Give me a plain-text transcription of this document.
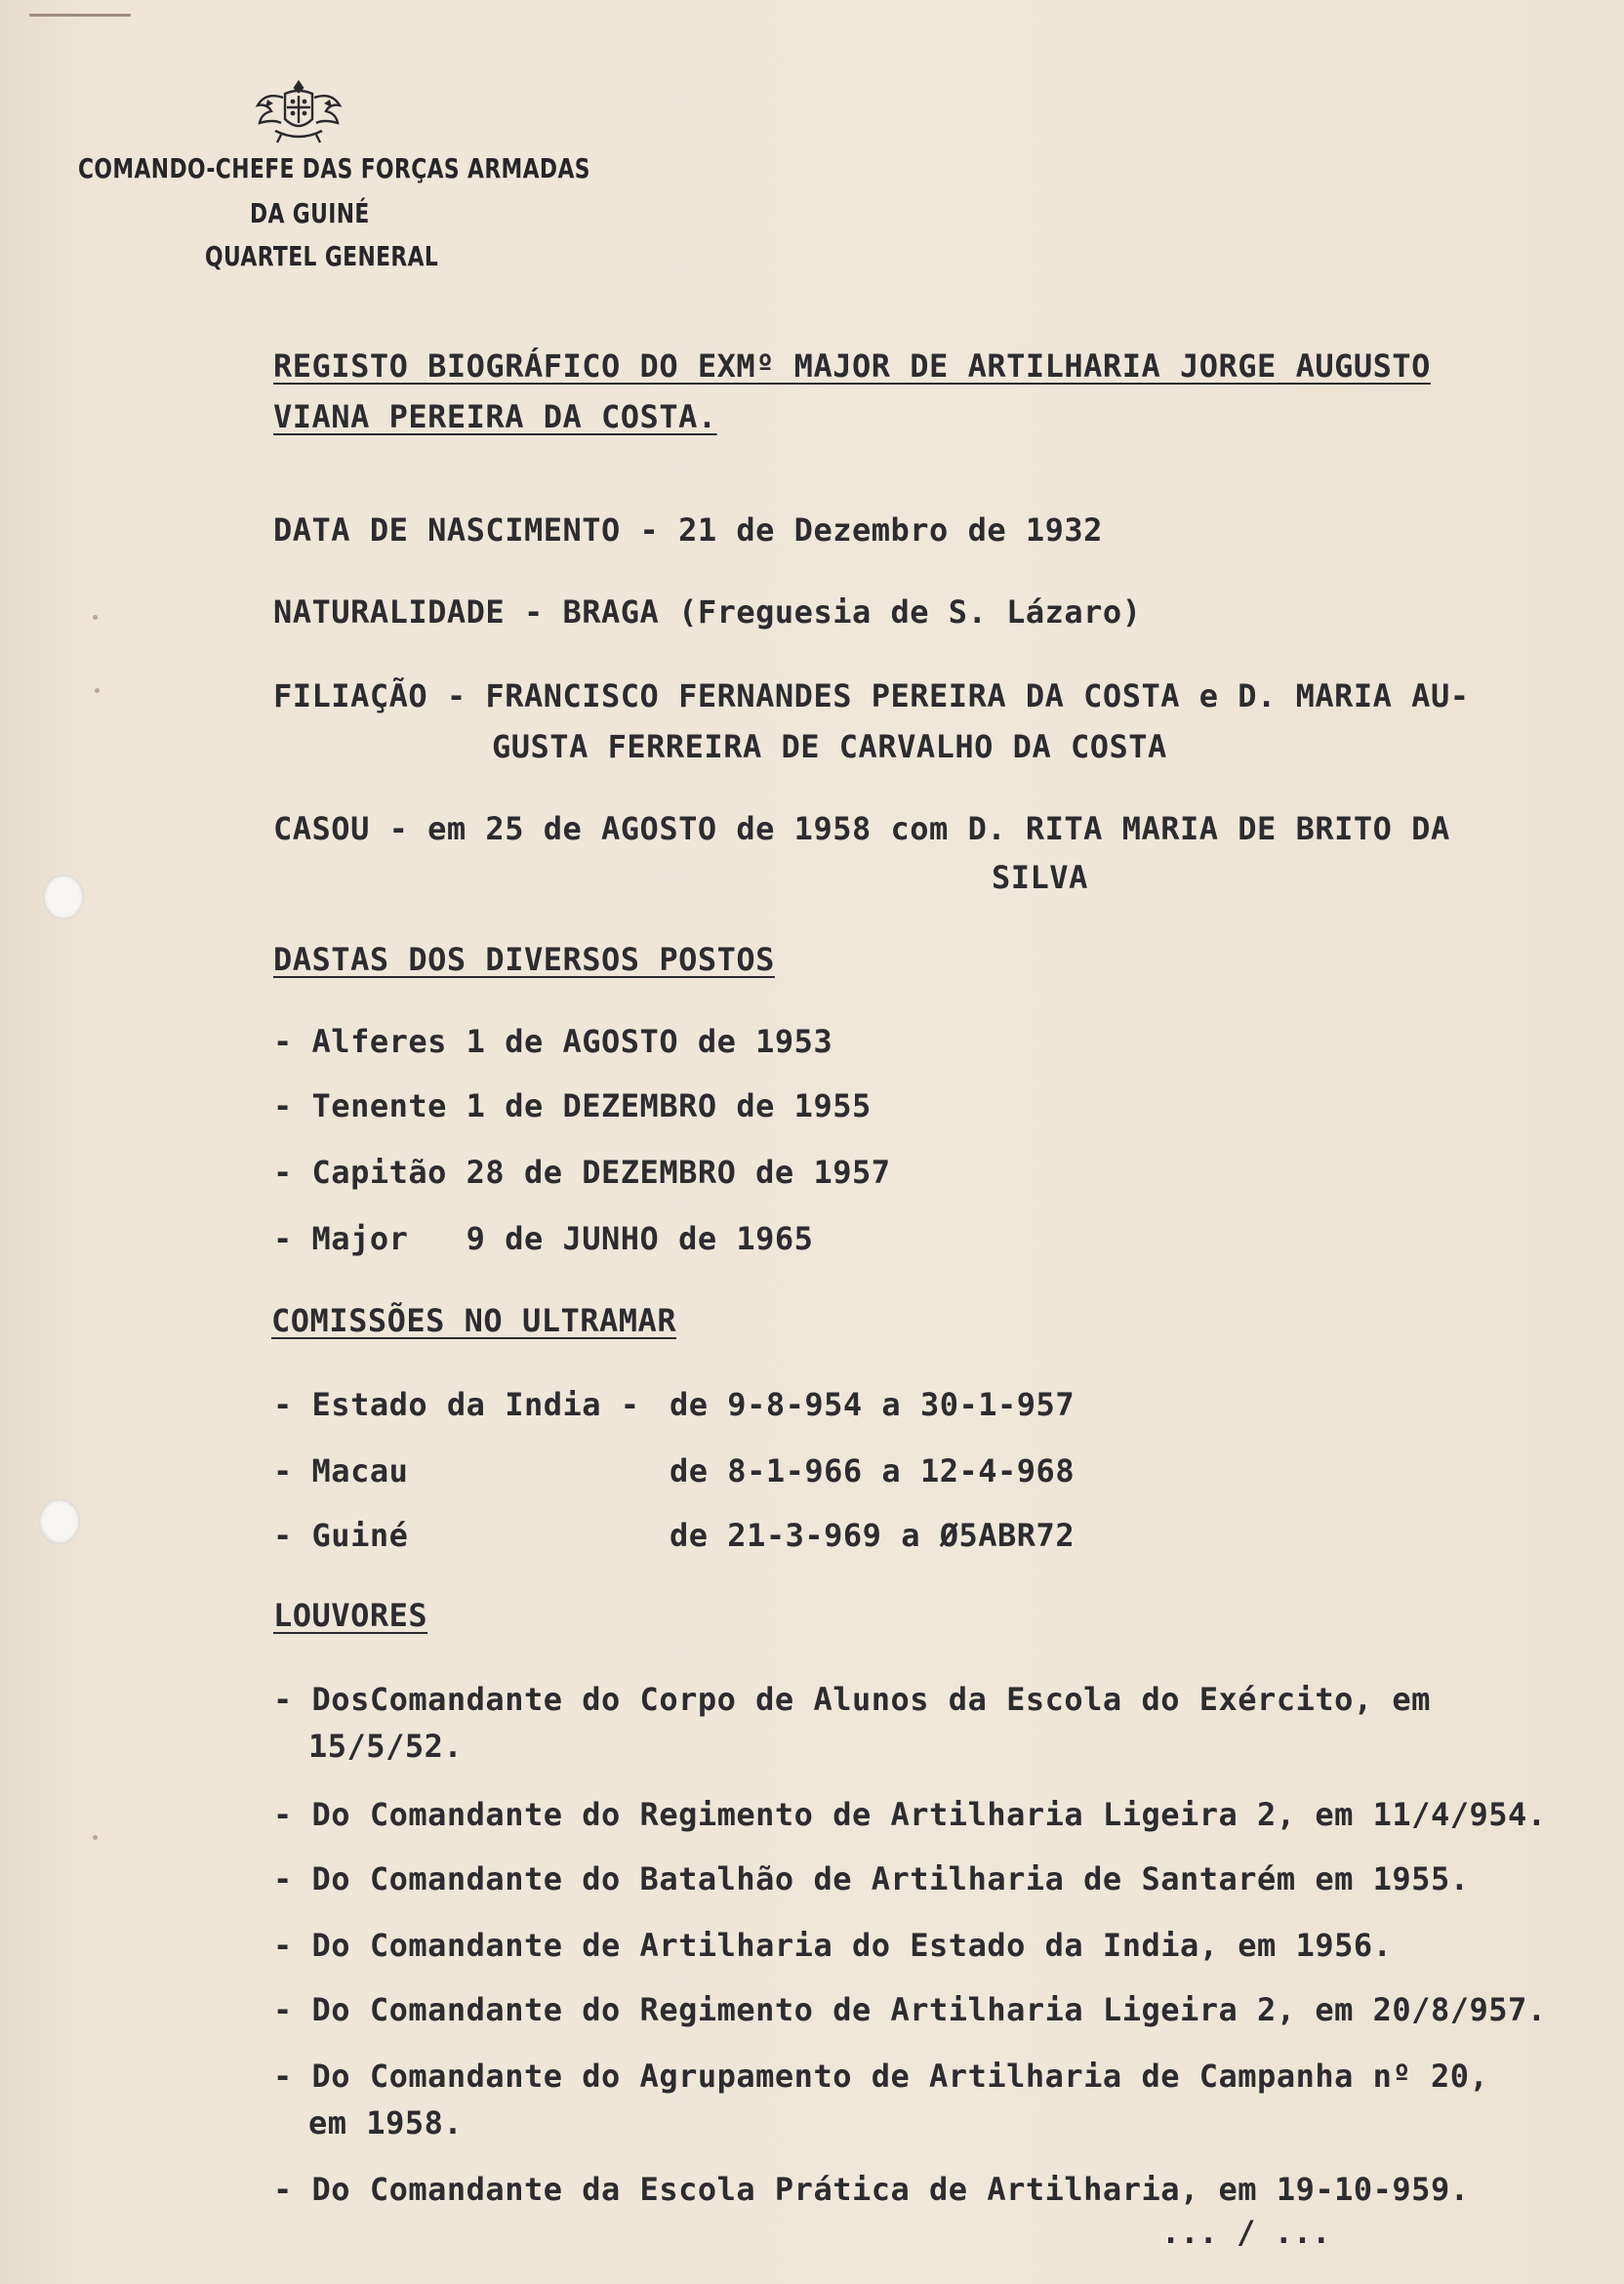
COMANDO-CHEFE DAS FORÇAS ARMADAS
DA GUINÉ
QUARTEL GENERAL
REGISTO BIOGRÁFICO DO EXMº MAJOR DE ARTILHARIA JORGE AUGUSTO
VIANA PEREIRA DA COSTA.
DATA DE NASCIMENTO - 21 de Dezembro de 1932
NATURALIDADE - BRAGA (Freguesia de S. Lázaro)
FILIAÇÃO - FRANCISCO FERNANDES PEREIRA DA COSTA e D. MARIA AU-
GUSTA FERREIRA DE CARVALHO DA COSTA
CASOU - em 25 de AGOSTO de 1958 com D. RITA MARIA DE BRITO DA
SILVA
DASTAS DOS DIVERSOS POSTOS
- Alferes 1 de AGOSTO de 1953
- Tenente 1 de DEZEMBRO de 1955
- Capitão 28 de DEZEMBRO de 1957
- Major   9 de JUNHO de 1965
COMISSÕES NO ULTRAMAR
- Estado da India - de 9-8-954 a 30-1-957
- Macau	de 8-1-966 a 12-4-968
- Guiné	de 21-3-969 a Ø5ABR72
LOUVORES
- DosComandante do Corpo de Alunos da Escola do Exército, em
15/5/52.
- Do Comandante do Regimento de Artilharia Ligeira 2, em 11/4/954.
- Do Comandante do Batalhão de Artilharia de Santarém em 1955.
- Do Comandante de Artilharia do Estado da India, em 1956.
- Do Comandante do Regimento de Artilharia Ligeira 2, em 20/8/957.
- Do Comandante do Agrupamento de Artilharia de Campanha nº 20,
em 1958.
- Do Comandante da Escola Prática de Artilharia, em 19-10-959.
... / ...
